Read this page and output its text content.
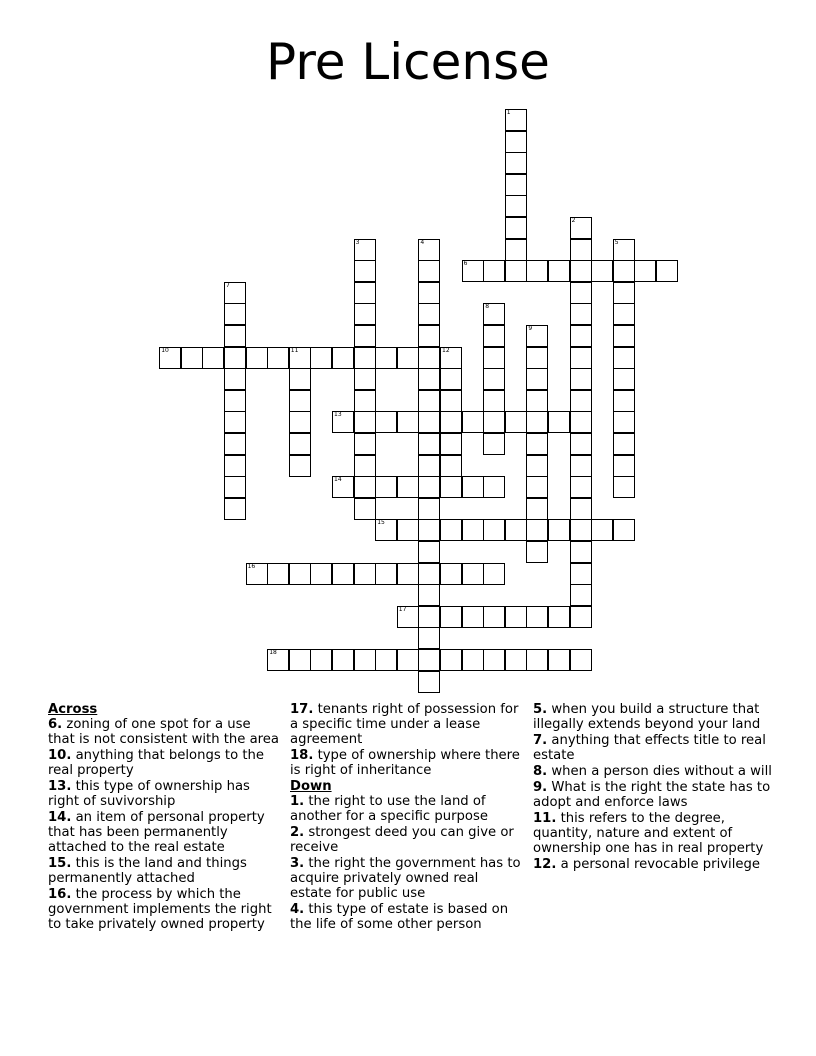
Pre License
1
2
3	4	5
6
7
8
9
10	11	12
13
14
15
16
17
18
Across
6. zoning of one spot for a use that is not consistent with the area
10. anything that belongs to the real property
13. this type of ownership has right of suvivorship
14. an item of personal property that has been permanently attached to the real estate
15. this is the land and things permanently attached
16. the process by which the government implements the right to take privately owned property
17. tenants right of possession for a specific time under a lease agreement
18. type of ownership where there is right of inheritance
Down
1. the right to use the land of another for a specific purpose
2. strongest deed you can give or receive
3. the right the government has to acquire privately owned real estate for public use
4. this type of estate is based on the life of some other person
5. when you build a structure that illegally extends beyond your land
7. anything that effects title to real estate
8. when a person dies without a will
9. What is the right the state has to adopt and enforce laws
11. this refers to the degree, quantity, nature and extent of ownership one has in real property
12. a personal revocable privilege
